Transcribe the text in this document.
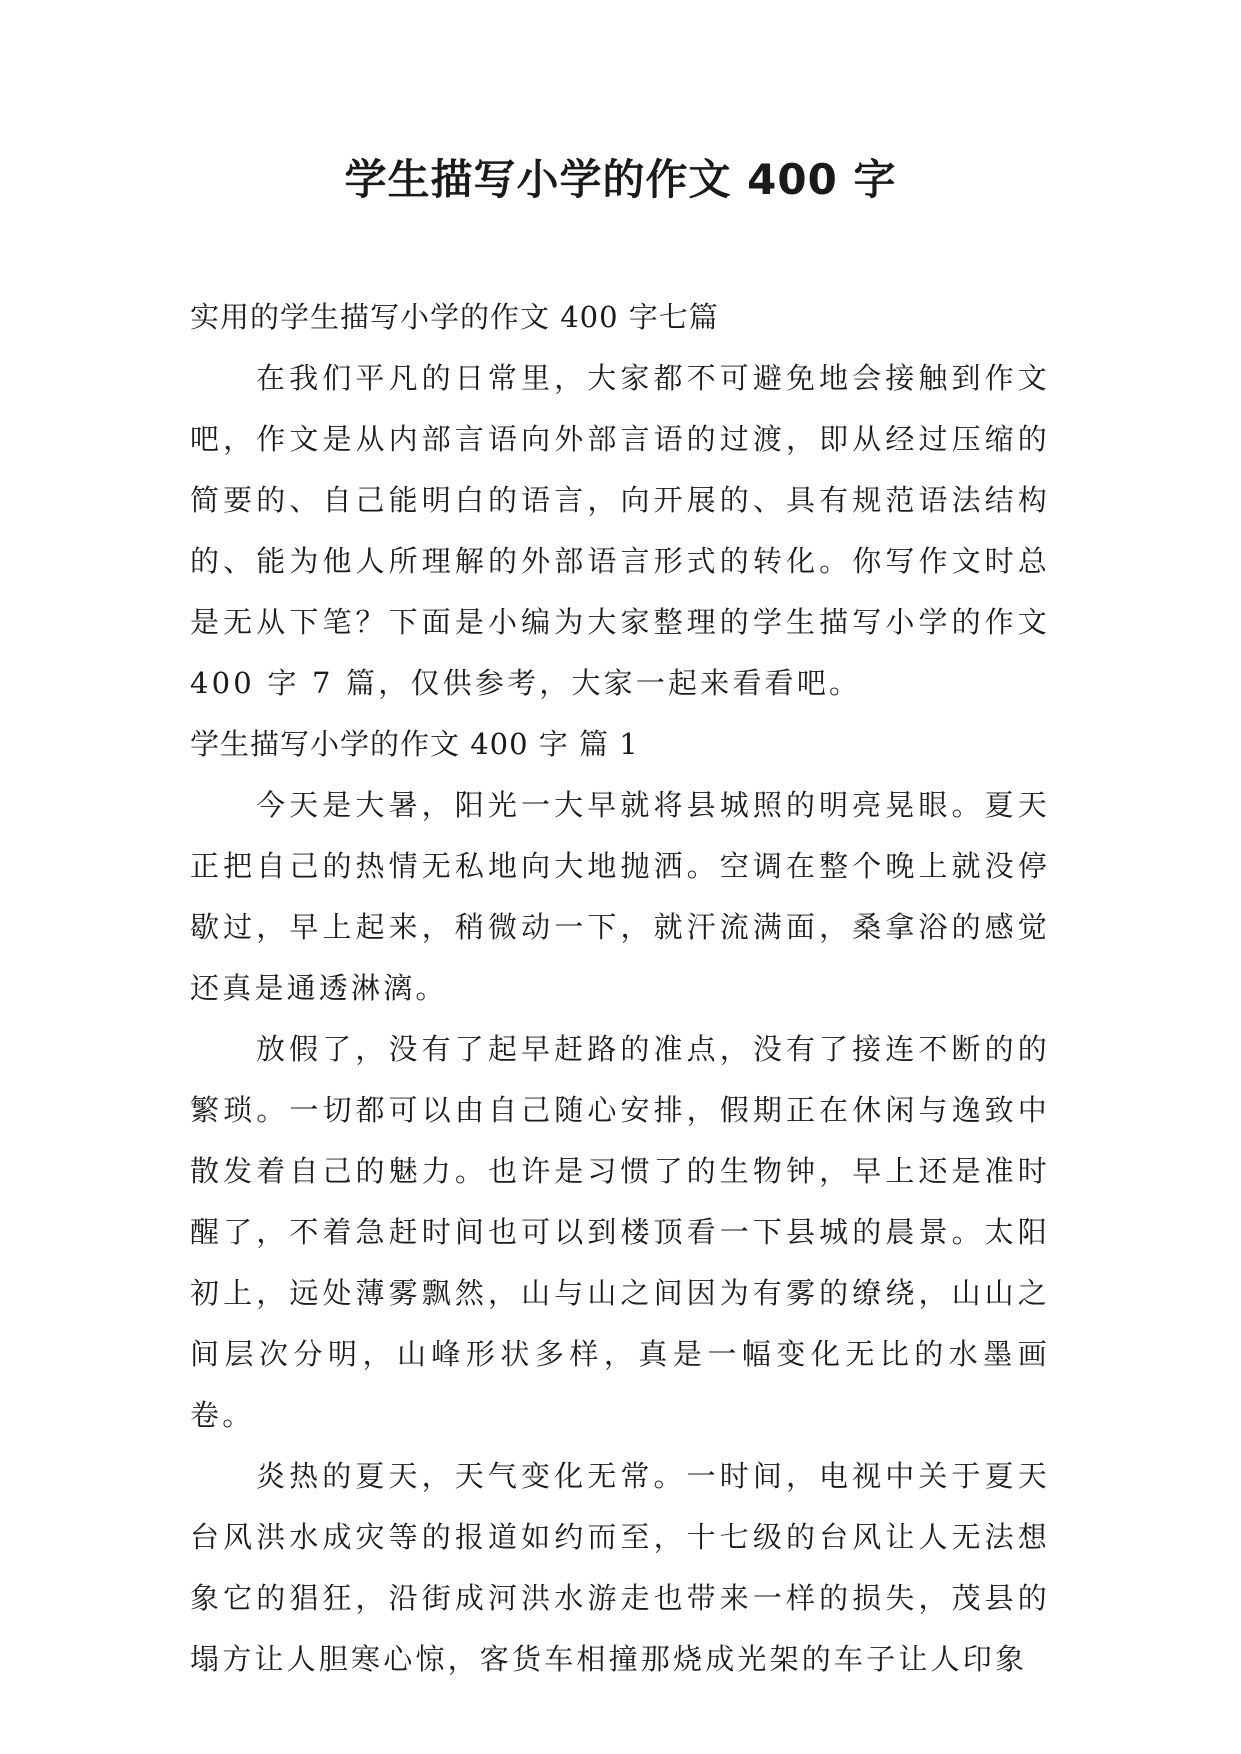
学生描写小学的作文 400 字

实用的学生描写小学的作文 400 字七篇

在我们平凡的日常里，大家都不可避免地会接触到作文吧，作文是从内部言语向外部言语的过渡，即从经过压缩的简要的、自己能明白的语言，向开展的、具有规范语法结构的、能为他人所理解的外部语言形式的转化。你写作文时总是无从下笔？下面是小编为大家整理的学生描写小学的作文 400 字 7 篇，仅供参考，大家一起来看看吧。

学生描写小学的作文 400 字 篇 1

今天是大暑，阳光一大早就将县城照的明亮晃眼。夏天正把自己的热情无私地向大地抛洒。空调在整个晚上就没停歇过，早上起来，稍微动一下，就汗流满面，桑拿浴的感觉还真是通透淋漓。

放假了，没有了起早赶路的准点，没有了接连不断的的繁琐。一切都可以由自己随心安排，假期正在休闲与逸致中散发着自己的魅力。也许是习惯了的生物钟，早上还是准时醒了，不着急赶时间也可以到楼顶看一下县城的晨景。太阳初上，远处薄雾飘然，山与山之间因为有雾的缭绕，山山之间层次分明，山峰形状多样，真是一幅变化无比的水墨画卷。

炎热的夏天，天气变化无常。一时间，电视中关于夏天台风洪水成灾等的报道如约而至，十七级的台风让人无法想象它的猖狂，沿街成河洪水游走也带来一样的损失，茂县的塌方让人胆寒心惊，客货车相撞那烧成光架的车子让人印象
